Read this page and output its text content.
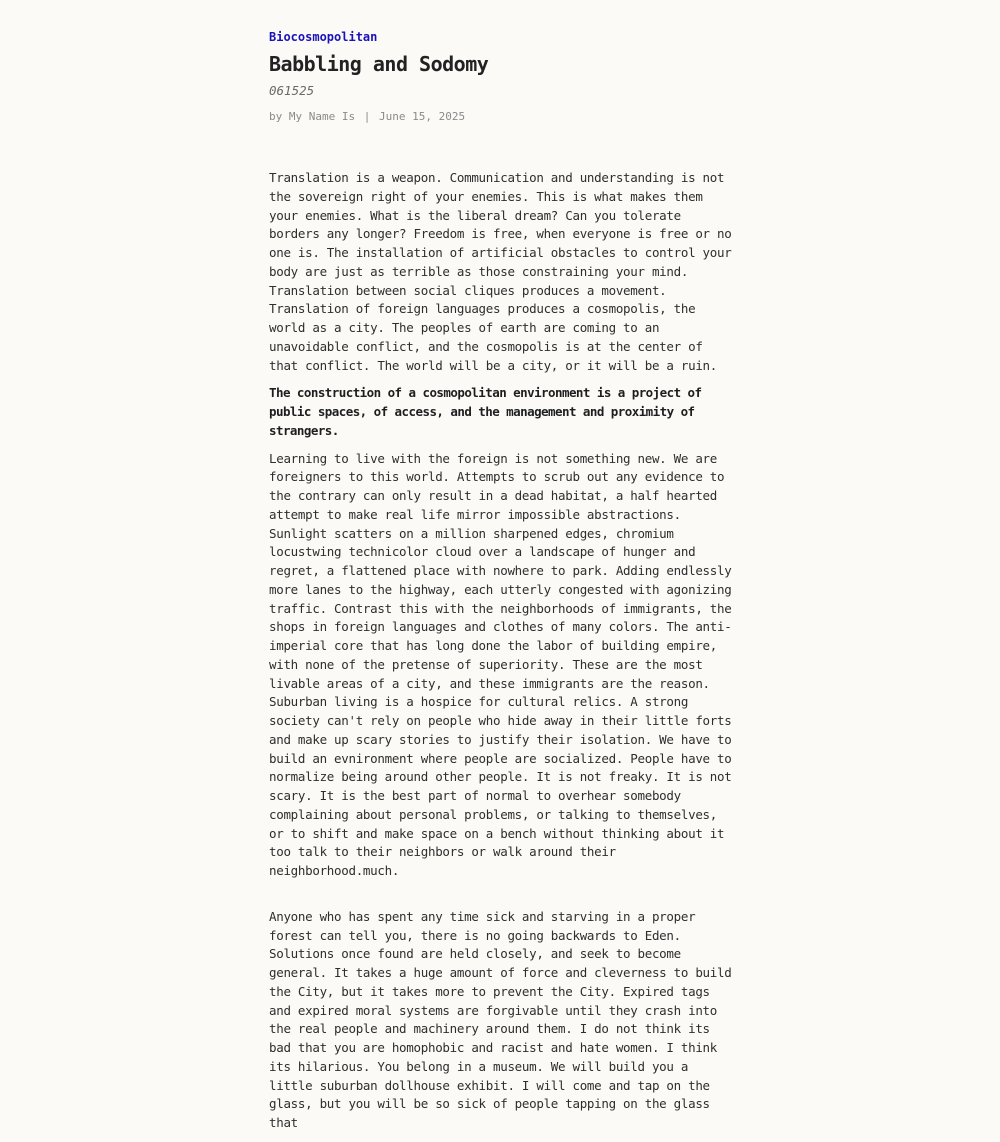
Biocosmopolitan
Babbling and Sodomy
061525
by My Name Is | June 15, 2025

Translation is a weapon. Communication and understanding is not the sovereign right of your enemies. This is what makes them your enemies. What is the liberal dream? Can you tolerate borders any longer? Freedom is free, when everyone is free or no one is. The installation of artificial obstacles to control your body are just as terrible as those constraining your mind. Translation between social cliques produces a movement. Translation of foreign languages produces a cosmopolis, the world as a city. The peoples of earth are coming to an unavoidable conflict, and the cosmopolis is at the center of that conflict. The world will be a city, or it will be a ruin.

The construction of a cosmopolitan environment is a project of public spaces, of access, and the management and proximity of strangers.

Learning to live with the foreign is not something new. We are foreigners to this world. Attempts to scrub out any evidence to the contrary can only result in a dead habitat, a half hearted attempt to make real life mirror impossible abstractions. Sunlight scatters on a million sharpened edges, chromium locustwing technicolor cloud over a landscape of hunger and regret, a flattened place with nowhere to park. Adding endlessly more lanes to the highway, each utterly congested with agonizing traffic. Contrast this with the neighborhoods of immigrants, the shops in foreign languages and clothes of many colors. The anti-imperial core that has long done the labor of building empire, with none of the pretense of superiority. These are the most livable areas of a city, and these immigrants are the reason. Suburban living is a hospice for cultural relics. A strong society can't rely on people who hide away in their little forts and make up scary stories to justify their isolation. We have to build an evnironment where people are socialized. People have to normalize being around other people. It is not freaky. It is not scary. It is the best part of normal to overhear somebody complaining about personal problems, or talking to themselves, or to shift and make space on a bench without thinking about it too talk to their neighbors or walk around their neighborhood.much.

Anyone who has spent any time sick and starving in a proper forest can tell you, there is no going backwards to Eden. Solutions once found are held closely, and seek to become general. It takes a huge amount of force and cleverness to build the City, but it takes more to prevent the City. Expired tags and expired moral systems are forgivable until they crash into the real people and machinery around them. I do not think its bad that you are homophobic and racist and hate women. I think its hilarious. You belong in a museum. We will build you a little suburban dollhouse exhibit. I will come and tap on the glass, but you will be so sick of people tapping on the glass that
